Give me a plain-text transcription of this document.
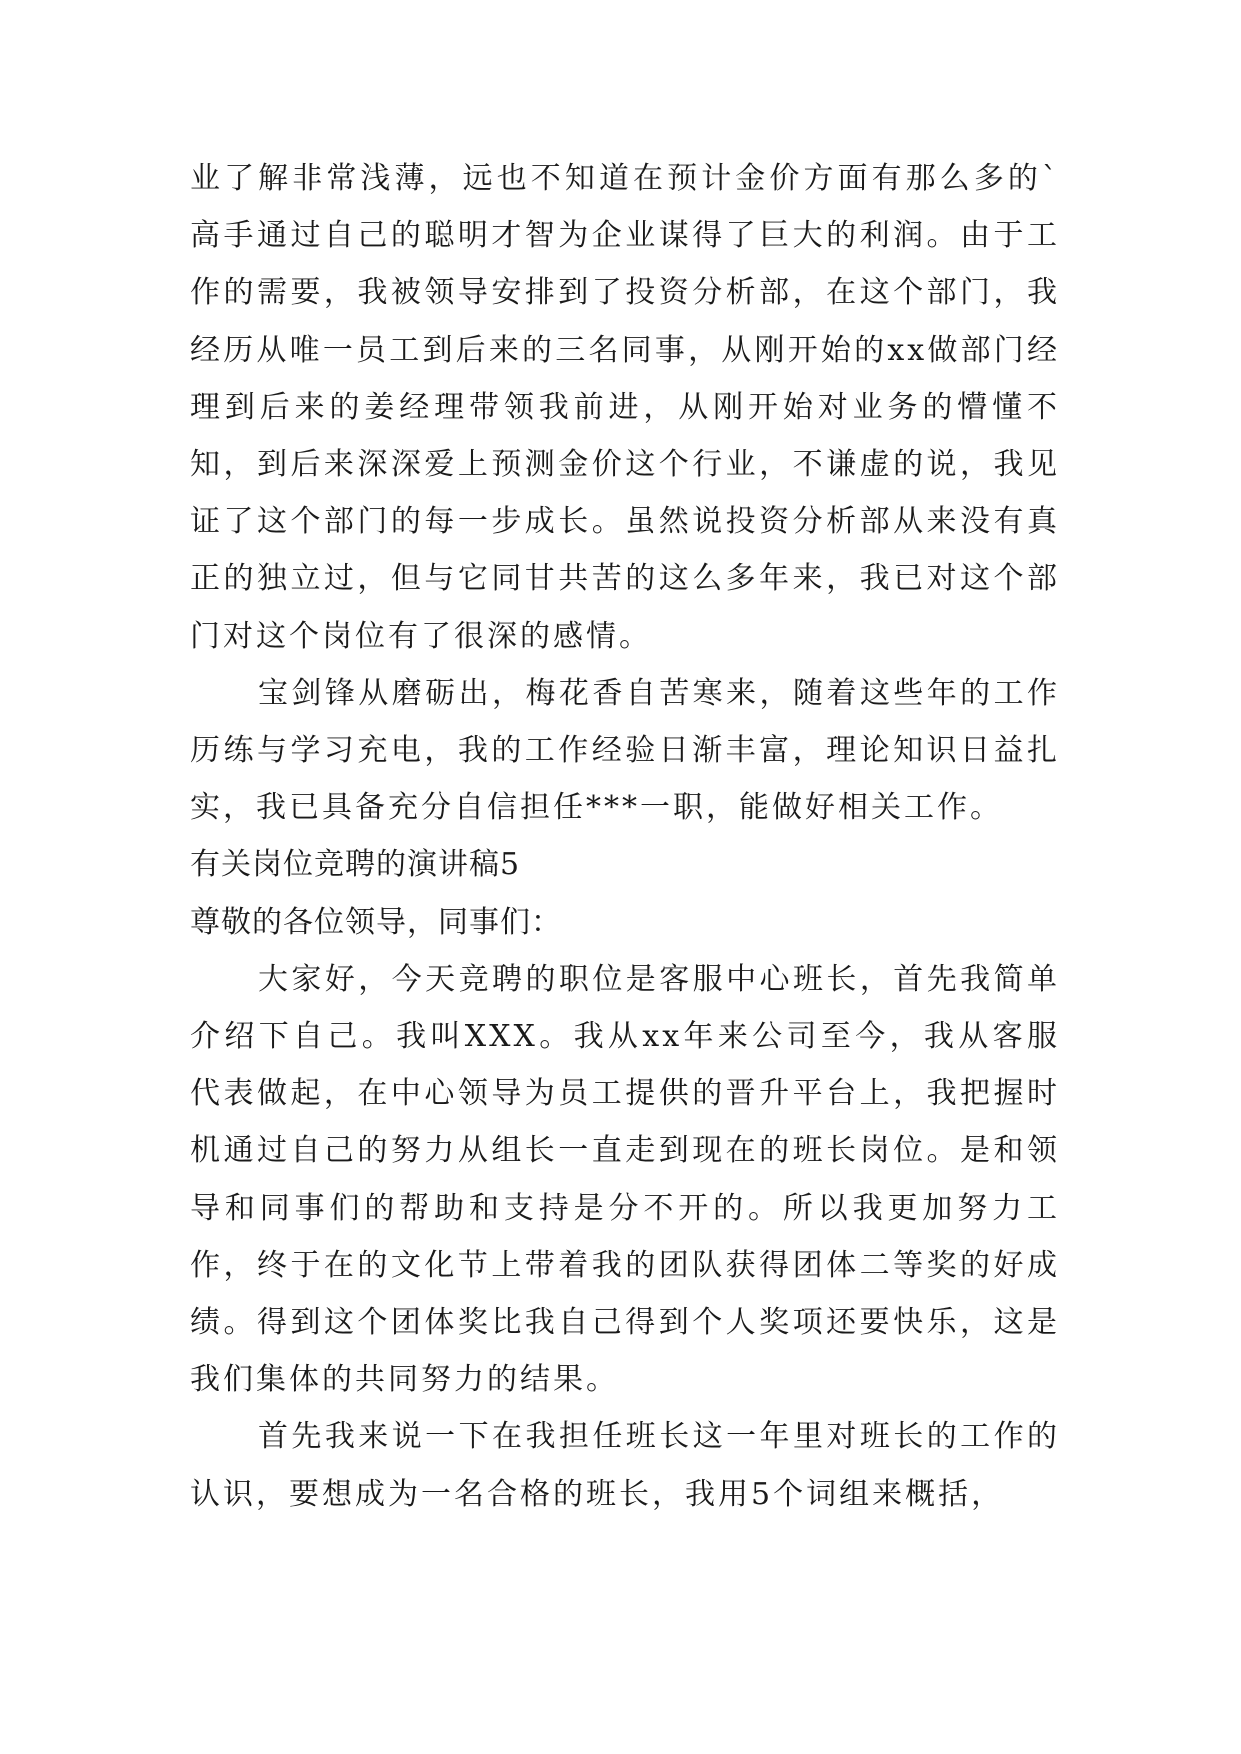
业了解非常浅薄，远也不知道在预计金价方面有那么多的`高手通过自己的聪明才智为企业谋得了巨大的利润。由于工作的需要，我被领导安排到了投资分析部，在这个部门，我经历从唯一员工到后来的三名同事，从刚开始的xx做部门经理到后来的姜经理带领我前进，从刚开始对业务的懵懂不知，到后来深深爱上预测金价这个行业，不谦虚的说，我见证了这个部门的每一步成长。虽然说投资分析部从来没有真正的独立过，但与它同甘共苦的这么多年来，我已对这个部门对这个岗位有了很深的感情。

宝剑锋从磨砺出，梅花香自苦寒来，随着这些年的工作历练与学习充电，我的工作经验日渐丰富，理论知识日益扎实，我已具备充分自信担任***一职，能做好相关工作。

有关岗位竞聘的演讲稿5

尊敬的各位领导，同事们：

大家好，今天竞聘的职位是客服中心班长，首先我简单介绍下自己。我叫XXX。我从xx年来公司至今，我从客服代表做起，在中心领导为员工提供的晋升平台上，我把握时机通过自己的努力从组长一直走到现在的班长岗位。是和领导和同事们的帮助和支持是分不开的。所以我更加努力工作，终于在的文化节上带着我的团队获得团体二等奖的好成绩。得到这个团体奖比我自己得到个人奖项还要快乐，这是我们集体的共同努力的结果。

首先我来说一下在我担任班长这一年里对班长的工作的认识，要想成为一名合格的班长，我用5个词组来概括，
